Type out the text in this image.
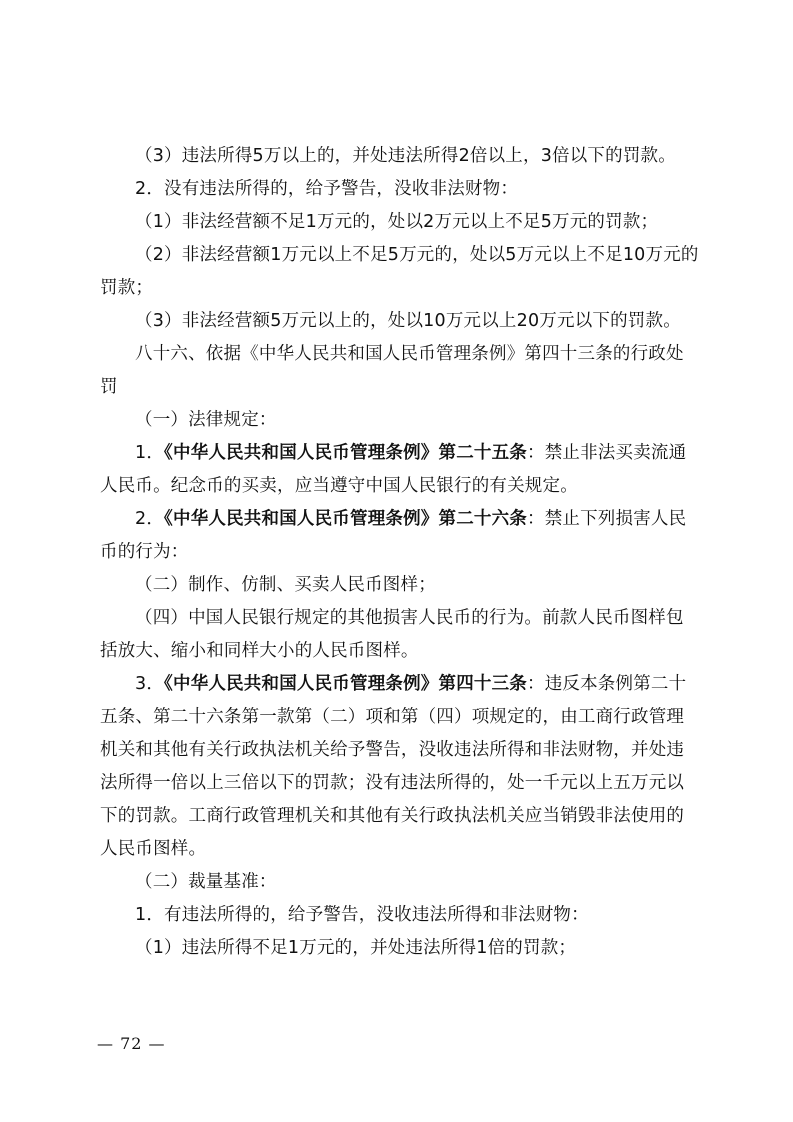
（3）违法所得5万以上的，并处违法所得2倍以上，3倍以下的罚款。

2．没有违法所得的，给予警告，没收非法财物：

（1）非法经营额不足1万元的，处以2万元以上不足5万元的罚款；

（2）非法经营额1万元以上不足5万元的，处以5万元以上不足10万元的罚款；

（3）非法经营额5万元以上的，处以10万元以上20万元以下的罚款。

八十六、依据《中华人民共和国人民币管理条例》第四十三条的行政处罚

（一）法律规定：

1．《中华人民共和国人民币管理条例》第二十五条：禁止非法买卖流通人民币。纪念币的买卖，应当遵守中国人民银行的有关规定。

2．《中华人民共和国人民币管理条例》第二十六条：禁止下列损害人民币的行为：

（二）制作、仿制、买卖人民币图样；

（四）中国人民银行规定的其他损害人民币的行为。前款人民币图样包括放大、缩小和同样大小的人民币图样。

3．《中华人民共和国人民币管理条例》第四十三条：违反本条例第二十五条、第二十六条第一款第（二）项和第（四）项规定的，由工商行政管理机关和其他有关行政执法机关给予警告，没收违法所得和非法财物，并处违法所得一倍以上三倍以下的罚款；没有违法所得的，处一千元以上五万元以下的罚款。工商行政管理机关和其他有关行政执法机关应当销毁非法使用的人民币图样。

（二）裁量基准：

1．有违法所得的，给予警告，没收违法所得和非法财物：

（1）违法所得不足1万元的，并处违法所得1倍的罚款；

— 72 —
